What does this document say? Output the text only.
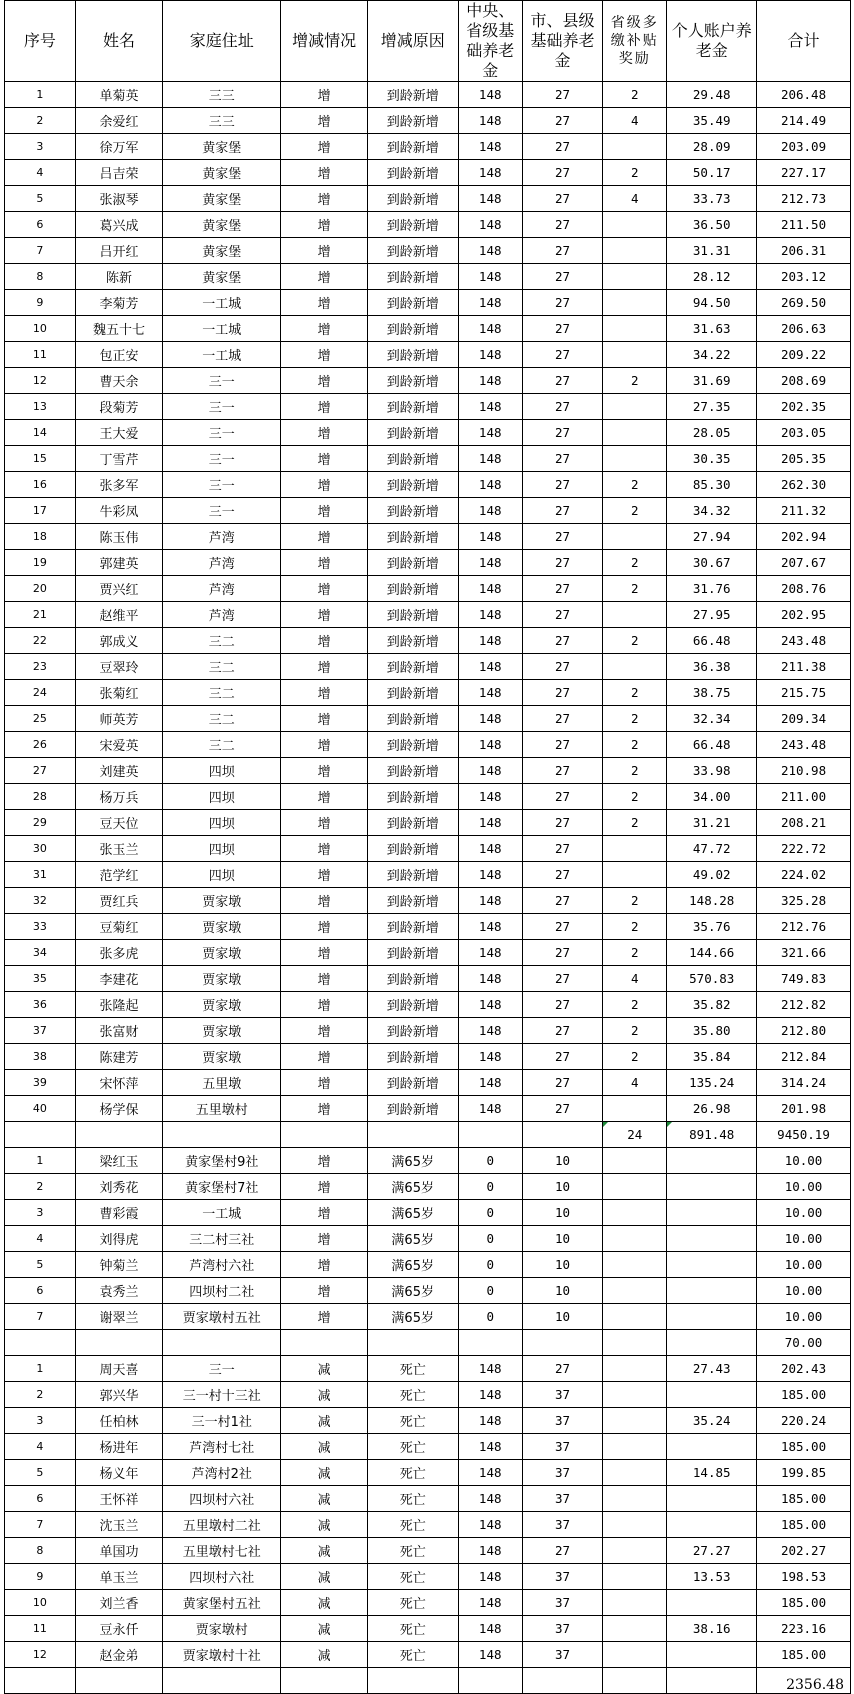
序号	姓名	家庭住址	增减情况	增减原因	中央、省级基础养老金	市、县级基础养老金	省级多缴补贴奖励	个人账户养老金	合计
1	单菊英	三三	增	到龄新增	148	27	2	29.48	206.48
2	余爱红	三三	增	到龄新增	148	27	4	35.49	214.49
3	徐万军	黄家堡	增	到龄新增	148	27		28.09	203.09
4	吕吉荣	黄家堡	增	到龄新增	148	27	2	50.17	227.17
5	张淑琴	黄家堡	增	到龄新增	148	27	4	33.73	212.73
6	葛兴成	黄家堡	增	到龄新增	148	27		36.50	211.50
7	吕开红	黄家堡	增	到龄新增	148	27		31.31	206.31
8	陈新	黄家堡	增	到龄新增	148	27		28.12	203.12
9	李菊芳	一工城	增	到龄新增	148	27		94.50	269.50
10	魏五十七	一工城	增	到龄新增	148	27		31.63	206.63
11	包正安	一工城	增	到龄新增	148	27		34.22	209.22
12	曹天余	三一	增	到龄新增	148	27	2	31.69	208.69
13	段菊芳	三一	增	到龄新增	148	27		27.35	202.35
14	王大爱	三一	增	到龄新增	148	27		28.05	203.05
15	丁雪芹	三一	增	到龄新增	148	27		30.35	205.35
16	张多军	三一	增	到龄新增	148	27	2	85.30	262.30
17	牛彩凤	三一	增	到龄新增	148	27	2	34.32	211.32
18	陈玉伟	芦湾	增	到龄新增	148	27		27.94	202.94
19	郭建英	芦湾	增	到龄新增	148	27	2	30.67	207.67
20	贾兴红	芦湾	增	到龄新增	148	27	2	31.76	208.76
21	赵维平	芦湾	增	到龄新增	148	27		27.95	202.95
22	郭成义	三二	增	到龄新增	148	27	2	66.48	243.48
23	豆翠玲	三二	增	到龄新增	148	27		36.38	211.38
24	张菊红	三二	增	到龄新增	148	27	2	38.75	215.75
25	师英芳	三二	增	到龄新增	148	27	2	32.34	209.34
26	宋爱英	三二	增	到龄新增	148	27	2	66.48	243.48
27	刘建英	四坝	增	到龄新增	148	27	2	33.98	210.98
28	杨万兵	四坝	增	到龄新增	148	27	2	34.00	211.00
29	豆天位	四坝	增	到龄新增	148	27	2	31.21	208.21
30	张玉兰	四坝	增	到龄新增	148	27		47.72	222.72
31	范学红	四坝	增	到龄新增	148	27		49.02	224.02
32	贾红兵	贾家墩	增	到龄新增	148	27	2	148.28	325.28
33	豆菊红	贾家墩	增	到龄新增	148	27	2	35.76	212.76
34	张多虎	贾家墩	增	到龄新增	148	27	2	144.66	321.66
35	李建花	贾家墩	增	到龄新增	148	27	4	570.83	749.83
36	张隆起	贾家墩	增	到龄新增	148	27	2	35.82	212.82
37	张富财	贾家墩	增	到龄新增	148	27	2	35.80	212.80
38	陈建芳	贾家墩	增	到龄新增	148	27	2	35.84	212.84
39	宋怀萍	五里墩	增	到龄新增	148	27	4	135.24	314.24
40	杨学保	五里墩村	增	到龄新增	148	27		26.98	201.98
							24	891.48	9450.19
1	梁红玉	黄家堡村9社	增	满65岁	0	10			10.00
2	刘秀花	黄家堡村7社	增	满65岁	0	10			10.00
3	曹彩霞	一工城	增	满65岁	0	10			10.00
4	刘得虎	三二村三社	增	满65岁	0	10			10.00
5	钟菊兰	芦湾村六社	增	满65岁	0	10			10.00
6	袁秀兰	四坝村二社	增	满65岁	0	10			10.00
7	谢翠兰	贾家墩村五社	增	满65岁	0	10			10.00
									70.00
1	周天喜	三一	减	死亡	148	27		27.43	202.43
2	郭兴华	三一村十三社	减	死亡	148	37			185.00
3	任柏林	三一村1社	减	死亡	148	37		35.24	220.24
4	杨进年	芦湾村七社	减	死亡	148	37			185.00
5	杨义年	芦湾村2社	减	死亡	148	37		14.85	199.85
6	王怀祥	四坝村六社	减	死亡	148	37			185.00
7	沈玉兰	五里墩村二社	减	死亡	148	37			185.00
8	单国功	五里墩村七社	减	死亡	148	27		27.27	202.27
9	单玉兰	四坝村六社	减	死亡	148	37		13.53	198.53
10	刘兰香	黄家堡村五社	减	死亡	148	37			185.00
11	豆永仟	贾家墩村	减	死亡	148	37		38.16	223.16
12	赵金弟	贾家墩村十社	减	死亡	148	37			185.00
									2356.48
